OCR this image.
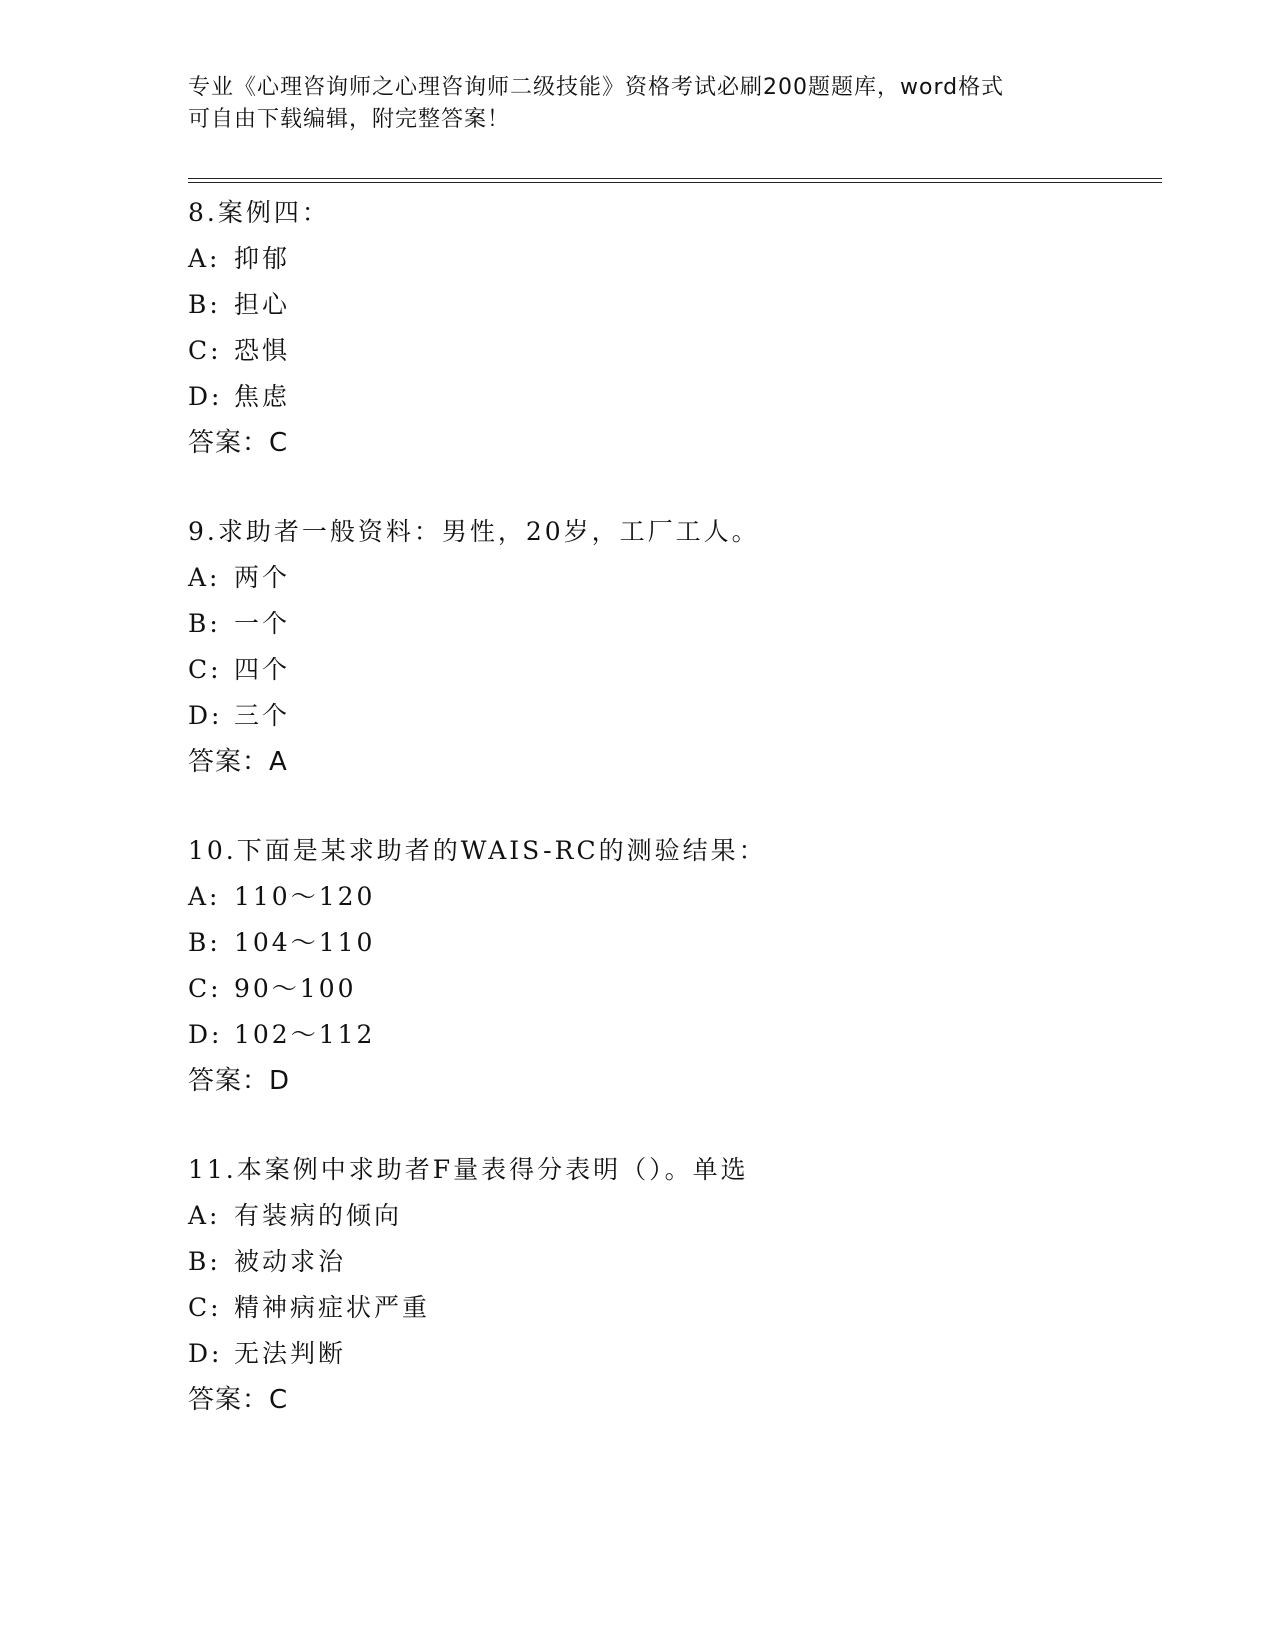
专业《心理咨询师之心理咨询师二级技能》资格考试必刷200题题库，word格式
可自由下载编辑，附完整答案！
8.案例四：
A: 抑郁
B: 担心
C: 恐惧
D: 焦虑
答案：C
9.求助者一般资料：男性，20岁，工厂工人。
A: 两个
B: 一个
C: 四个
D: 三个
答案：A
10.下面是某求助者的WAIS-RC的测验结果：
A: 110～120
B: 104～110
C: 90～100
D: 102～112
答案：D
11.本案例中求助者F量表得分表明（）。单选
A: 有装病的倾向
B: 被动求治
C: 精神病症状严重
D: 无法判断
答案：C
